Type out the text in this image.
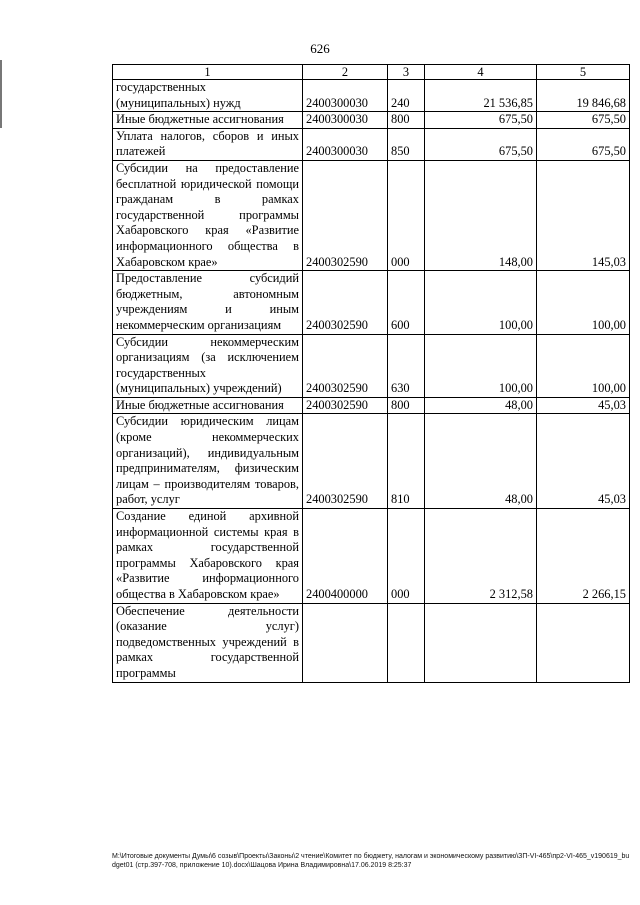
626
1	2	3	4	5
государственных (муниципальных) нужд	2400300030	240	21 536,85	19 846,68
Иные бюджетные ассигнования	2400300030	800	675,50	675,50
Уплата налогов, сборов и иных платежей	2400300030	850	675,50	675,50
Субсидии на предоставление бесплатной юридической помощи гражданам в рамках государственной программы Хабаровского края «Развитие информационного общества в Хабаровском крае»	2400302590	000	148,00	145,03
Предоставление субсидий бюджетным, автономным учреждениям и иным некоммерческим организациям	2400302590	600	100,00	100,00
Субсидии некоммерческим организациям (за исключением государственных (муниципальных) учреждений)	2400302590	630	100,00	100,00
Иные бюджетные ассигнования	2400302590	800	48,00	45,03
Субсидии юридическим лицам (кроме некоммерческих организаций), индивидуальным предпринимателям, физическим лицам – производителям товаров, работ, услуг	2400302590	810	48,00	45,03
Создание единой архивной информационной системы края в рамках государственной программы Хабаровского края «Развитие информационного общества в Хабаровском крае»	2400400000	000	2 312,58	2 266,15
Обеспечение деятельности (оказание услуг) подведомственных учреждений в рамках государственной программы				
М:\Итоговые документы Думы\6 созыв\Проекты\Законы\2 чтение\Комитет по бюджету, налогам и экономическому развитию\ЗП-VI-465\пр2-VI-465_v190619_budget01 (стр.397-708, приложение 10).docx\Шацова Ирина Владимировна\17.06.2019 8:25:37
